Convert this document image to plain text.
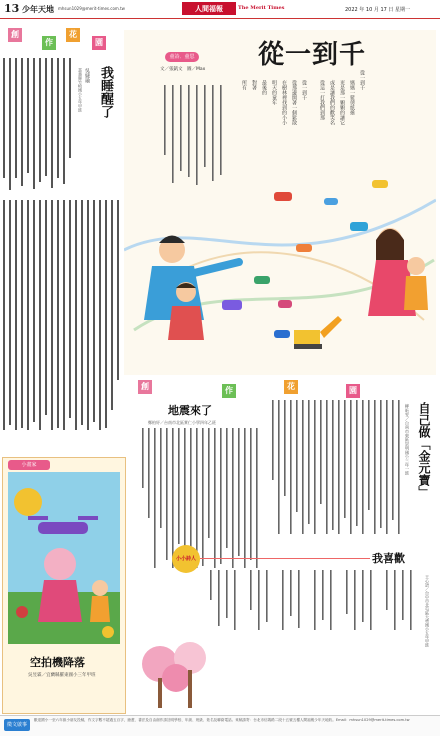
13 少年天地 mhsun1029@merit-times.com.tw	人間福報	The Merit Times	2022 年 10 月 17 日 星期一
創
作
花
園
我睡醒了
吳婕瑜
嘉義縣竹崎國小五年甲班
童詩．童思
文／張凱文　圖／Max 從一到千
從一到千
媽媽一籃剪紙捲
更是那一顆顆的讓它
或是讓我們的歡笑名
從這一打我們到那
從一到千
從那邊開著一個鬆散
在樹林裡找到的小小
明天的童年
最後的
對著
所有
創	作	花	園
地震來了
鄭柏妤／台南市北區實仁小學四年乙班	自己做「金元寶」
柳昕雯／台南市東區崇明國小三年一班
小小詩人	我喜歡
王心語／台中市北屯區大勇國小五年甲班
小畫家
空拍機降落
吳昱霖／宜蘭縣羅東國小三年甲班
徵文啟事
歡迎國小一至六年級小朋友投稿，作文字數不超過五百字，繪畫、書法及自由創作請註明學校、年級、班級、姓名及聯絡電話。來稿請寄：台北市信義路二段十五號五樓人間福報少年天地收。Email：mhsun1029@merit-times.com.tw
